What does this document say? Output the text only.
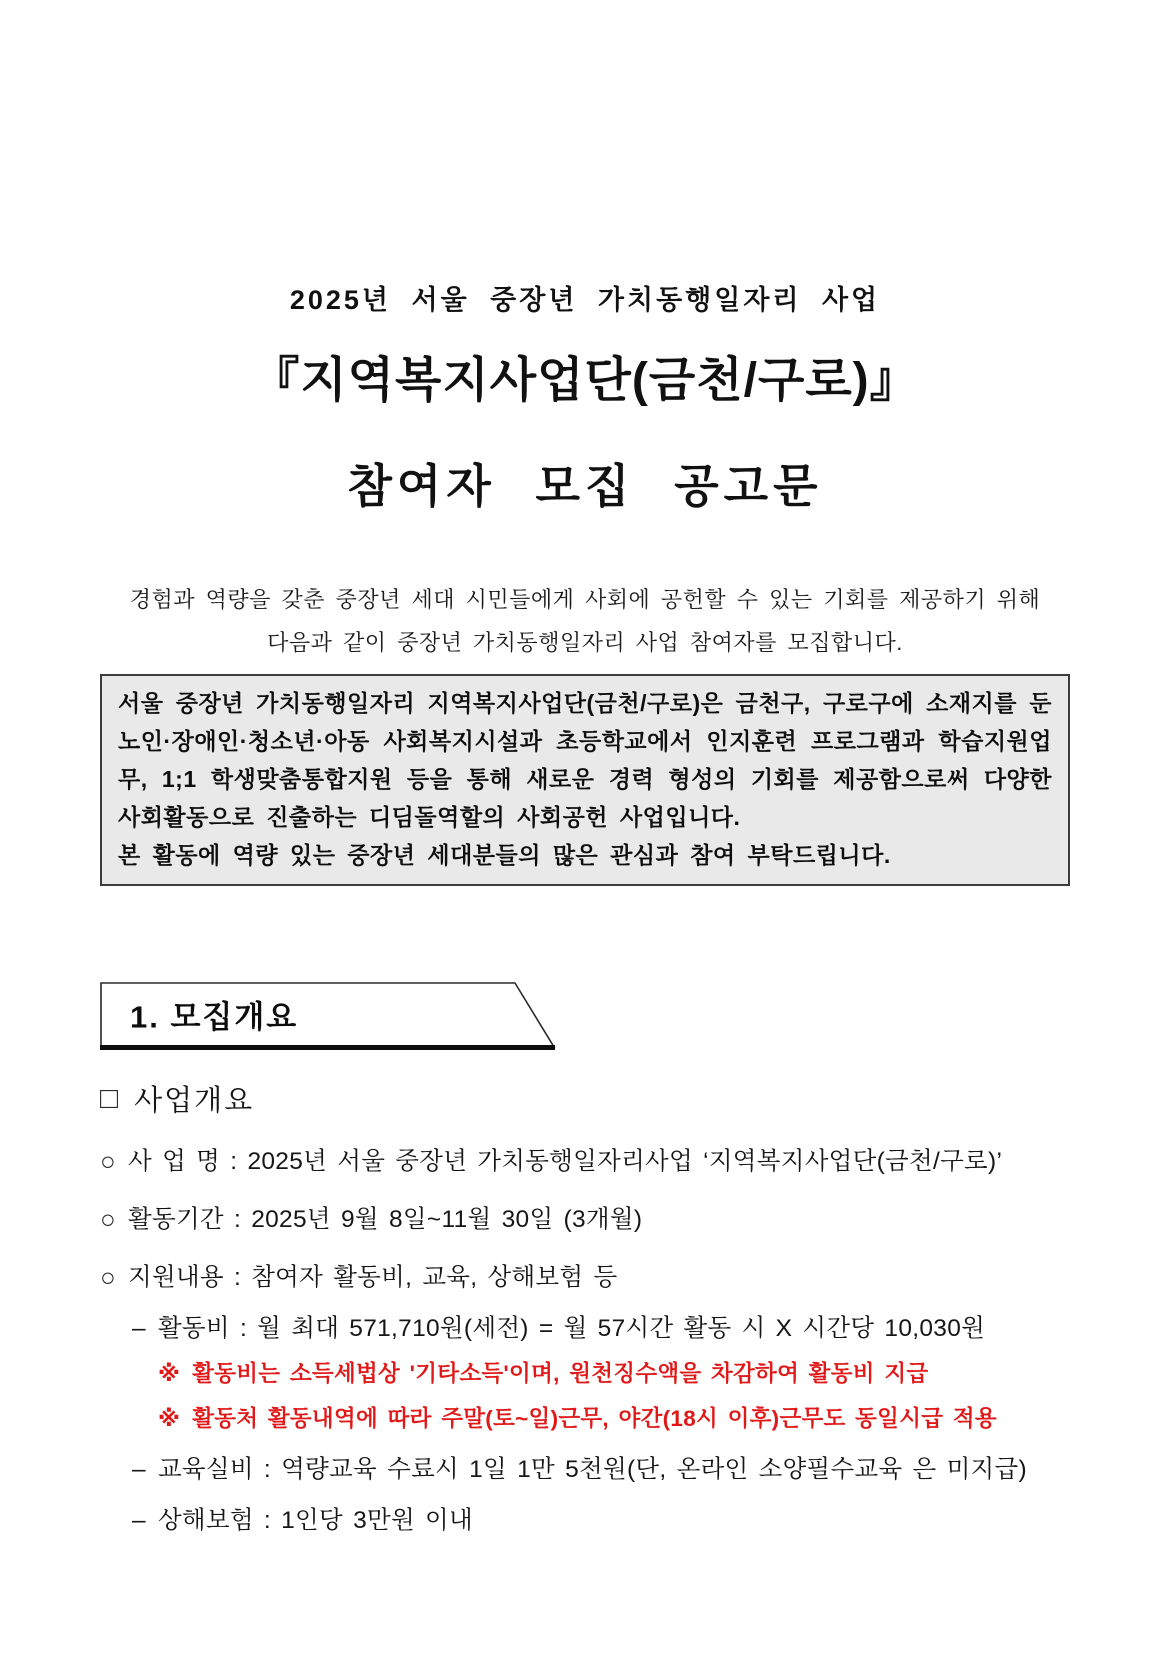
2025년 서울 중장년 가치동행일자리 사업
『지역복지사업단(금천/구로)』
참여자 모집 공고문
경험과 역량을 갖춘 중장년 세대 시민들에게 사회에 공헌할 수 있는 기회를 제공하기 위해
다음과 같이 중장년 가치동행일자리 사업 참여자를 모집합니다.

서울 중장년 가치동행일자리 지역복지사업단(금천/구로)은 금천구, 구로구에 소재지를 둔 노인·장애인·청소년·아동 사회복지시설과 초등학교에서 인지훈련 프로그램과 학습지원업무, 1;1 학생맞춤통합지원 등을 통해 새로운 경력 형성의 기회를 제공함으로써 다양한 사회활동으로 진출하는 디딤돌역할의 사회공헌 사업입니다.

본 활동에 역량 있는 중장년 세대분들의 많은 관심과 참여 부탁드립니다.

1. 모집개요
□ 사업개요
○ 사 업 명 : 2025년 서울 중장년 가치동행일자리사업 ‘지역복지사업단(금천/구로)’
○ 활동기간 : 2025년 9월 8일~11월 30일 (3개월)
○ 지원내용 : 참여자 활동비, 교육, 상해보험 등
– 활동비 : 월 최대 571,710원(세전) = 월 57시간 활동 시 X 시간당 10,030원
※ 활동비는 소득세법상 '기타소득'이며, 원천징수액을 차감하여 활동비 지급
※ 활동처 활동내역에 따라 주말(토~일)근무, 야간(18시 이후)근무도 동일시급 적용
– 교육실비 : 역량교육 수료시 1일 1만 5천원(단, 온라인 소양필수교육 은 미지급)
– 상해보험 : 1인당 3만원 이내
